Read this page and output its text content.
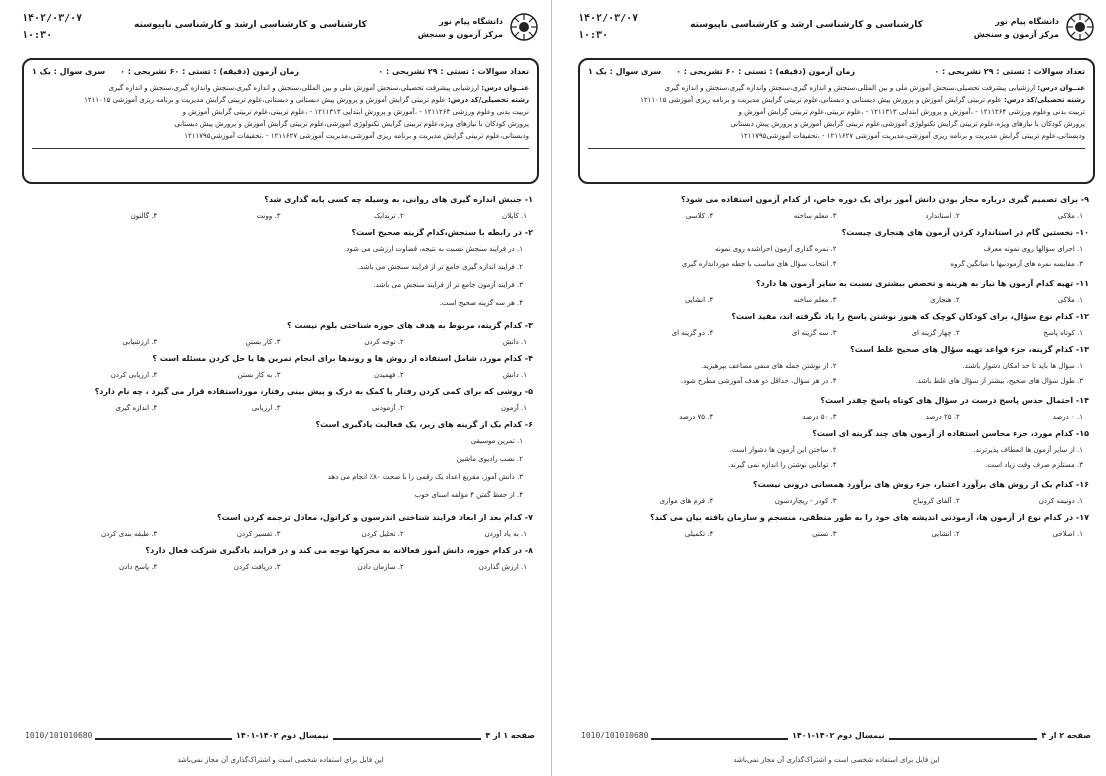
۱۴۰۲/۰۳/۰۷
۱۰:۳۰
کارشناسی و کارشناسی ارشد و کارشناسی ناپیوسته	دانشگاه پیام نور
مرکز آزمون و سنجش
تعداد سوالات : تستی : ۲۹ تشریحی : ۰
زمان آزمون (دقیقه) : تستی : ۶۰ تشریحی : ۰
سری سوال : یک ۱
عنــوان درس: ارزشیابی پیشرفت تحصیلی،سنجش آموزش ملی و بین المللی،سنجش و اندازه گیری،سنجش واندازه گیری،سنجش و اندازه گیری
رشته تحصیلی/کد درس: علوم تربیتی گرایش آموزش و پرورش پیش دبستانی و دبستانی،علوم تربیتی گرایش مدیریت و برنامه ریزی آموزشی ۱۲۱۱۰۱۵
تربیت بدنی وعلوم ورزشی ۱۲۱۱۲۶۴ - ،آموزش و پرورش ابتدایی ۱۲۱۱۳۱۳ - ،علوم تربیتی،علوم تربیتی گرایش آموزش و
پرورش کودکان با نیازهای ویژه،علوم تربیتی گرایش تکنولوژی آموزشی،علوم تربیتی گرایش آموزش و پرورش پیش دبستانی
ودبستانی،علوم تربیتی گرایش مدیریت و برنامه ریزی آموزشی،مدیریت آموزشی ۱۲۱۱۶۲۷ - ،تحقیقات آموزشی۱۲۱۱۷۹۵
۱- جنبش اندازه گیری های روانی، به وسیله چه کسی پایه گذاری شد؟
۱. کاپلان
۲. ترندایک
۳. وونت
۴. گالتون
۲- در رابطه با سنجش،کدام گزینه صحیح است؟
۱. در فرایند سنجش نسبت به نتیجه، قضاوت ارزشی می شود.
۲. فرایند اندازه گیری جامع تر از فرایند سنجش می باشد.
۳. فرایند آزمون جامع تر از فرایند سنجش می باشد.
۴. هر سه گزینه صحیح است.
۳- کدام گزینه، مربوط به هدف های حوزه شناختی بلوم نیست ؟
۱. دانش
۲. توجه کردن
۳. کار بستن
۴. ارزشیابی
۴- کدام مورد، شامل استفاده از روش ها و روندها برای انجام تمرین ها یا حل کردن مسئله است ؟
۱. دانش
۲. فهمیدن
۳. به کار بستن
۴. ارزیابی کردن
۵- روشی که برای کمی کردن رفتار یا کمک به درک و پیش بینی رفتار، مورداستفاده قرار می گیرد ، چه نام دارد؟
۱. آزمون
۲. آزمودنی
۳. ارزیابی
۴. اندازه گیری
۶- کدام یک از گزینه های زیر، یک فعالیت یادگیری است؟
۱. تمرین موسیقی
۲. نصب رادیوی ماشین
۳. دانش آموز، مقریع اعداد یک رقمی را با صحت ۸۰٪ انجام می دهد
۴. از حفظ گفتن ۴ مؤلفه اسنای حوب
۷- کدام بعد از ابعاد فرایند شناختی اندرسون و کراتول، معادل ترجمه کردن است؟
۱. به یاد آوردن
۲. تحلیل کردن
۳. تفسیر کردن
۴. طبقه بندی کردن
۸- در کدام حوزه، دانش آموز فعالانه به محرکها توجه می کند و در فرایند یادگیری شرکت فعال دارد؟
۱. ارزش گذاردن
۲. سازمان دادن
۳. دریافت کردن
۴. پاسخ دادن
1010/101010680	نیمسال دوم ۱۴۰۲-۱۴۰۱	صفحه ۱ از ۴
این فایل برای استفاده شخصی است و اشتراک‌گذاری آن مجاز نمی‌باشد
۱۴۰۲/۰۳/۰۷
۱۰:۳۰
کارشناسی و کارشناسی ارشد و کارشناسی ناپیوسته	دانشگاه پیام نور
مرکز آزمون و سنجش
تعداد سوالات : تستی : ۲۹ تشریحی : ۰
زمان آزمون (دقیقه) : تستی : ۶۰ تشریحی : ۰
سری سوال : یک ۱
عنــوان درس: ارزشیابی پیشرفت تحصیلی،سنجش آموزش ملی و بین المللی،سنجش و اندازه گیری،سنجش واندازه گیری،سنجش و اندازه گیری
رشته تحصیلی/کد درس: علوم تربیتی گرایش آموزش و پرورش پیش دبستانی و دبستانی،علوم تربیتی گرایش مدیریت و برنامه ریزی آموزشی ۱۲۱۱۰۱۵
تربیت بدنی وعلوم ورزشی ۱۲۱۱۲۶۴ - ،آموزش و پرورش ابتدایی ۱۲۱۱۳۱۳ - ،علوم تربیتی،علوم تربیتی گرایش آموزش و
پرورش کودکان با نیازهای ویژه،علوم تربیتی گرایش تکنولوژی آموزشی،علوم تربیتی گرایش آموزش و پرورش پیش دبستانی
ودبستانی،علوم تربیتی گرایش مدیریت و برنامه ریزی آموزشی،مدیریت آموزشی ۱۲۱۱۶۲۷ - ،تحقیقات آموزشی۱۲۱۱۷۹۵
۹- برای تصمیم گیری درباره مجاز بودن دانش آموز برای یک دوره خاص، از کدام آزمون استفاده می شود؟
۱. ملاکی
۲. استاندارد
۳. معلم ساخته
۴. کلاسی
۱۰- نخستین گام در استاندارد کردن آزمون های هنجاری چیست؟
۱. اجرای سؤالها روی نمونه معرف
۲. نمره گذاری آزمون اجراشده روی نمونه
۳. مقایسه نمره های آزمودنیها با میانگین گروه
۴. انتخاب سؤال های مناسب با جطه موردانداره گیری
۱۱- تهیه کدام آزمون ها نیاز به هزینه و تخصص بیشتری نسبت به سایر آزمون ها دارد؟
۱. ملاکی
۲. هنجاری
۳. معلم ساخته
۴. انشایی
۱۲- کدام نوع سؤال، برای کودکان کوچک که هنوز نوشتن پاسخ را یاد نگرفته اند، مفید است؟
۱. کوتاه پاسخ
۲. چهار گزینه ای
۳. سه گزینه ای
۴. دو گزینه ای
۱۳- کدام گزینه، جزء قواعد تهیه سؤال های صحیح غلط است؟
۱. سؤال ها باید تا حد امکان دشوار باشند.
۲. از نوشتن جمله های منفی مضاعف بپرهیزید.
۳. طول سؤال های صحیح، بیشتر از سؤال های غلط باشد.
۴. در هر سؤال، حداقل دو هدف آموزشی مطرح شود.
۱۴- احتمال حدس پاسخ درست در سؤال های کوتاه پاسخ چقدر است؟
۱. ۰ درصد
۲. ۲۵ درصد
۳. ۵۰ درصد
۴. ۷۵ درصد
۱۵- کدام مورد، جزء محاسن استفاده از آزمون های چند گزینه ای است؟
۱. از سایر آزمون ها انعطاف پذیرترند.
۲. ساختن این آزمون ها دشوار است.
۳. مستلزم صرف وقت زیاد است.
۴. توانایی نوشتن را اندازه نمی گیرند.
۱۶- کدام یک از روش های برآورد اعتبار، جزء روش های برآورد همسانی درونی نیست؟
۱. دونیمه کردن
۲. آلفای کرونباخ
۳. کودر - ریچاردسون
۴. فرم های موازی
۱۷- در کدام نوع از آزمون ها، آزمودنی اندیشه های خود را به طور منطقی، منسجم و سازمان یافته بیان می کند؟
۱. اصلاحی
۲. انشایی
۳. تستی
۴. تکمیلی
1010/101010680	نیمسال دوم ۱۴۰۲-۱۴۰۱	صفحه ۲ از ۴
این فایل برای استفاده شخصی است و اشتراک‌گذاری آن مجاز نمی‌باشد
